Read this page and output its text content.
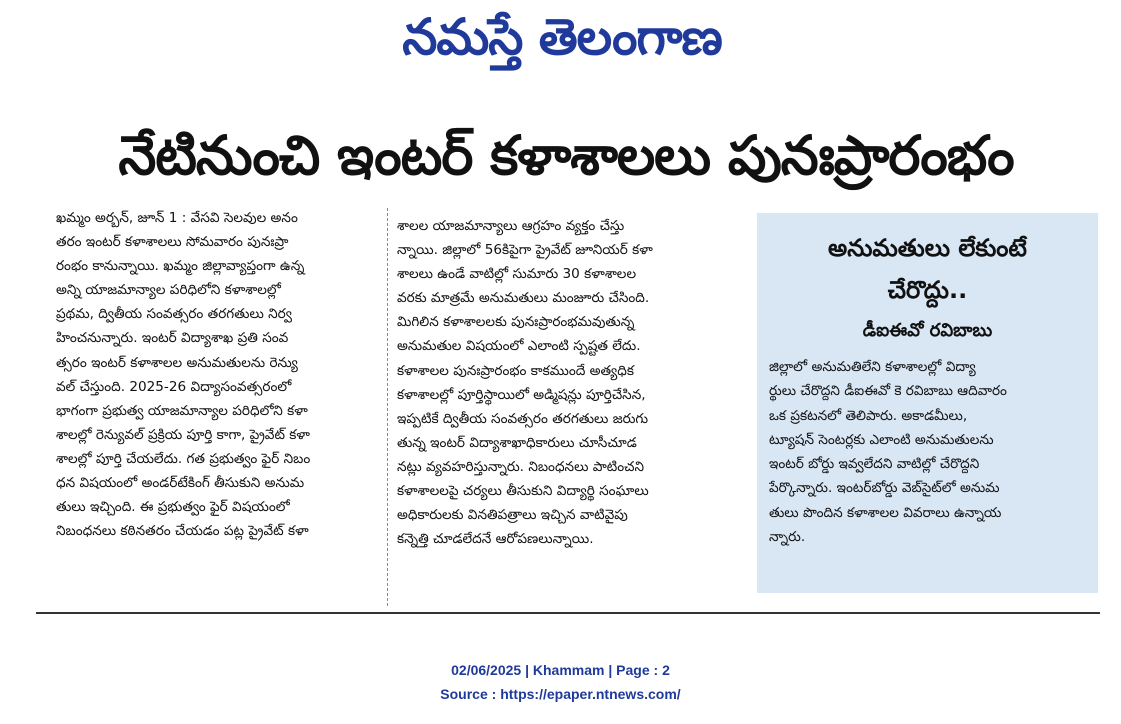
నమస్తే తెలంగాణ
నేటినుంచి ఇంటర్ కళాశాలలు పునఃప్రారంభం
ఖమ్మం అర్బన్, జూన్ 1 : వేసవి సెలవుల అనం
తరం ఇంటర్ కళాశాలలు సోమవారం పునఃప్రా
రంభం కానున్నాయి. ఖమ్మం జిల్లావ్యాప్తంగా ఉన్న
అన్ని యాజమాన్యాల పరిధిలోని కళాశాలల్లో
ప్రథమ, ద్వితీయ సంవత్సరం తరగతులు నిర్వ
హించనున్నారు. ఇంటర్ విద్యాశాఖ ప్రతి సంవ
త్సరం ఇంటర్ కళాశాలల అనుమతులను రెన్యు
వల్ చేస్తుంది. 2025-26 విద్యాసంవత్సరంలో
భాగంగా ప్రభుత్వ యాజమాన్యాల పరిధిలోని కళా
శాలల్లో రెన్యువల్ ప్రక్రియ పూర్తి కాగా, ప్రైవేట్ కళా
శాలల్లో పూర్తి చేయలేదు. గత ప్రభుత్వం ఫైర్ నిబం
ధన విషయంలో అండర్‌టేకింగ్ తీసుకుని అనుమ
తులు ఇచ్చింది. ఈ ప్రభుత్వం ఫైర్ విషయంలో
నిబంధనలు కఠినతరం చేయడం పట్ల ప్రైవేట్ కళా
శాలల యాజమాన్యాలు ఆగ్రహం వ్యక్తం చేస్తు
న్నాయి. జిల్లాలో 56కిపైగా ప్రైవేట్ జూనియర్ కళా
శాలలు ఉండే వాటిల్లో సుమారు 30 కళాశాలల
వరకు మాత్రమే అనుమతులు మంజూరు చేసింది.
మిగిలిన కళాశాలలకు పునఃప్రారంభమవుతున్న
అనుమతుల విషయంలో ఎలాంటి స్పష్టత లేదు.
కళాశాలల పునఃప్రారంభం కాకముందే అత్యధిక
కళాశాలల్లో పూర్తిస్థాయిలో అడ్మిషన్లు పూర్తిచేసిన,
ఇప్పటికే ద్వితీయ సంవత్సరం తరగతులు జరుగు
తున్న ఇంటర్ విద్యాశాఖాధికారులు చూసీచూడ
నట్లు వ్యవహరిస్తున్నారు. నిబంధనలు పాటించని
కళాశాలలపై చర్యలు తీసుకుని విద్యార్థి సంఘాలు
అధికారులకు వినతిపత్రాలు ఇచ్చిన వాటివైపు
కన్నెత్తి చూడలేదనే ఆరోపణలున్నాయి.
అనుమతులు లేకుంటే
చేరొద్దు..
డీఐఈవో రవిబాబు
జిల్లాలో అనుమతిలేని కళాశాలల్లో విద్యా
ర్థులు చేరొద్దని డీఐఈవో కె రవిబాబు ఆదివారం
ఒక ప్రకటనలో తెలిపారు. అకాడమీలు,
ట్యూషన్ సెంటర్లకు ఎలాంటి అనుమతులను
ఇంటర్ బోర్డు ఇవ్వలేదని వాటిల్లో చేరొద్దని
పేర్కొన్నారు. ఇంటర్‌బోర్డు వెబ్‌సైట్‌లో అనుమ
తులు పొందిన కళాశాలల వివరాలు ఉన్నాయ
న్నారు.
02/06/2025 | Khammam | Page : 2
Source : https://epaper.ntnews.com/
